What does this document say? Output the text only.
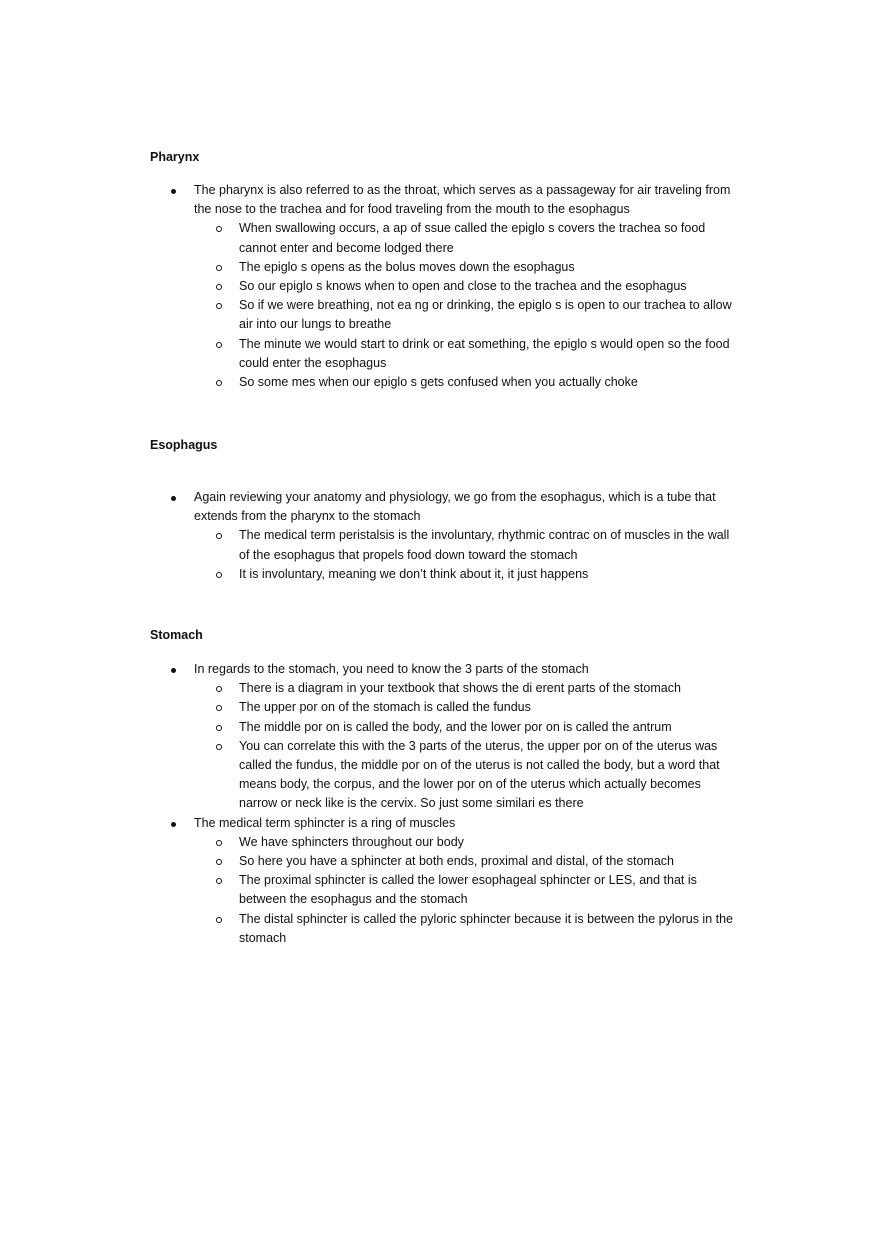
Pharynx
The pharynx is also referred to as the throat, which serves as a passageway for air traveling from the nose to the trachea and for food traveling from the mouth to the esophagus
When swallowing occurs, a ap of ssue called the epiglo s covers the trachea so food cannot enter and become lodged there
The epiglo s opens as the bolus moves down the esophagus
So our epiglo s knows when to open and close to the trachea and the esophagus
So if we were breathing, not ea ng or drinking, the epiglo s is open to our trachea to allow air into our lungs to breathe
The minute we would start to drink or eat something, the epiglo s would open so the food could enter the esophagus
So some mes when our epiglo s gets confused when you actually choke
Esophagus
Again reviewing your anatomy and physiology, we go from the esophagus, which is a tube that extends from the pharynx to the stomach
The medical term peristalsis is the involuntary, rhythmic contrac on of muscles in the wall of the esophagus that propels food down toward the stomach
It is involuntary, meaning we don’t think about it, it just happens
Stomach
In regards to the stomach, you need to know the 3 parts of the stomach
There is a diagram in your textbook that shows the di erent parts of the stomach
The upper por on of the stomach is called the fundus
The middle por on is called the body, and the lower por on is called the antrum
You can correlate this with the 3 parts of the uterus, the upper por on of the uterus was called the fundus, the middle por on of the uterus is not called the body, but a word that means body, the corpus, and the lower por on of the uterus which actually becomes narrow or neck like is the cervix. So just some similari es there
The medical term sphincter is a ring of muscles
We have sphincters throughout our body
So here you have a sphincter at both ends, proximal and distal, of the stomach
The proximal sphincter is called the lower esophageal sphincter or LES, and that is between the esophagus and the stomach
The distal sphincter is called the pyloric sphincter because it is between the pylorus in the stomach
